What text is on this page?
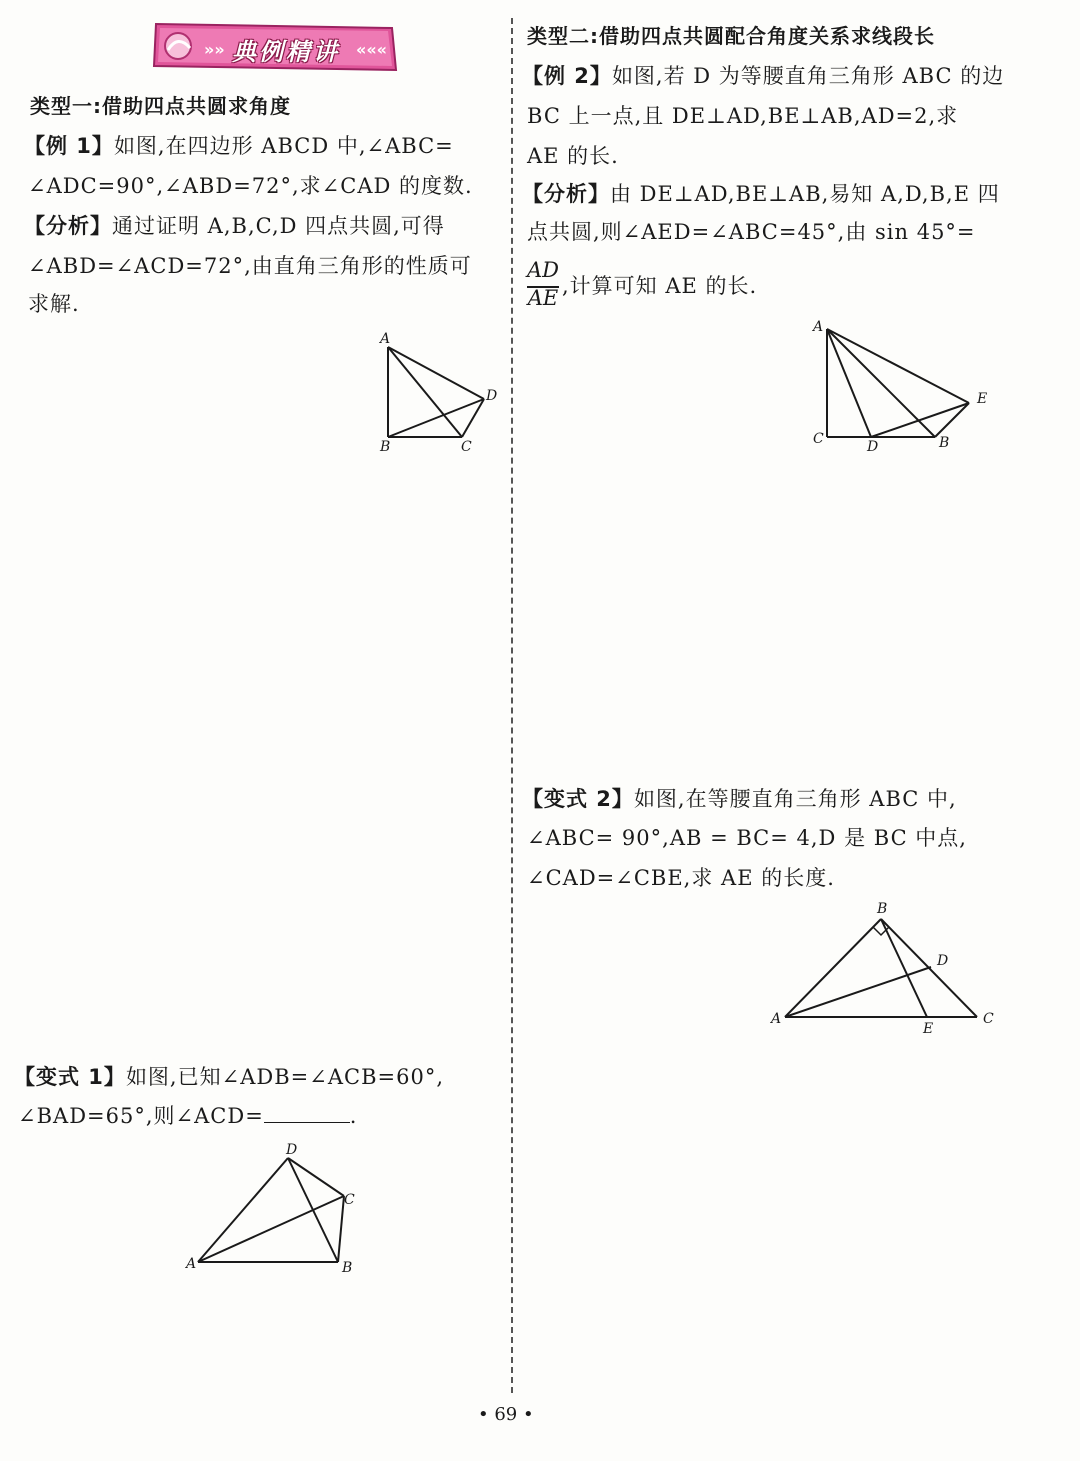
»» 典例精讲 «««
类型一:借助四点共圆求角度
【例 1】如图,在四边形 ABCD 中,∠ABC=
∠ADC=90°,∠ABD=72°,求∠CAD 的度数.
【分析】通过证明 A,B,C,D 四点共圆,可得
∠ABD=∠ACD=72°,由直角三角形的性质可
求解.
A
B	C
D
【变式 1】如图,已知∠ADB=∠ACB=60°,
∠BAD=65°,则∠ACD=	.
A	B
C
D
类型二:借助四点共圆配合角度关系求线段长
【例 2】如图,若 D 为等腰直角三角形 ABC 的边
BC 上一点,且 DE⊥AD,BE⊥AB,AD=2,求
AE 的长.
【分析】由 DE⊥AD,BE⊥AB,易知 A,D,B,E 四
点共圆,则∠AED=∠ABC=45°,由 sin 45°=
AD
AE ,计算可知 AE 的长.
A
C	D	B
E
【变式 2】如图,在等腰直角三角形 ABC 中,
∠ABC= 90°,AB = BC= 4,D 是 BC 中点,
∠CAD=∠CBE,求 AE 的长度.
A
B
C
D
E
• 69 •
